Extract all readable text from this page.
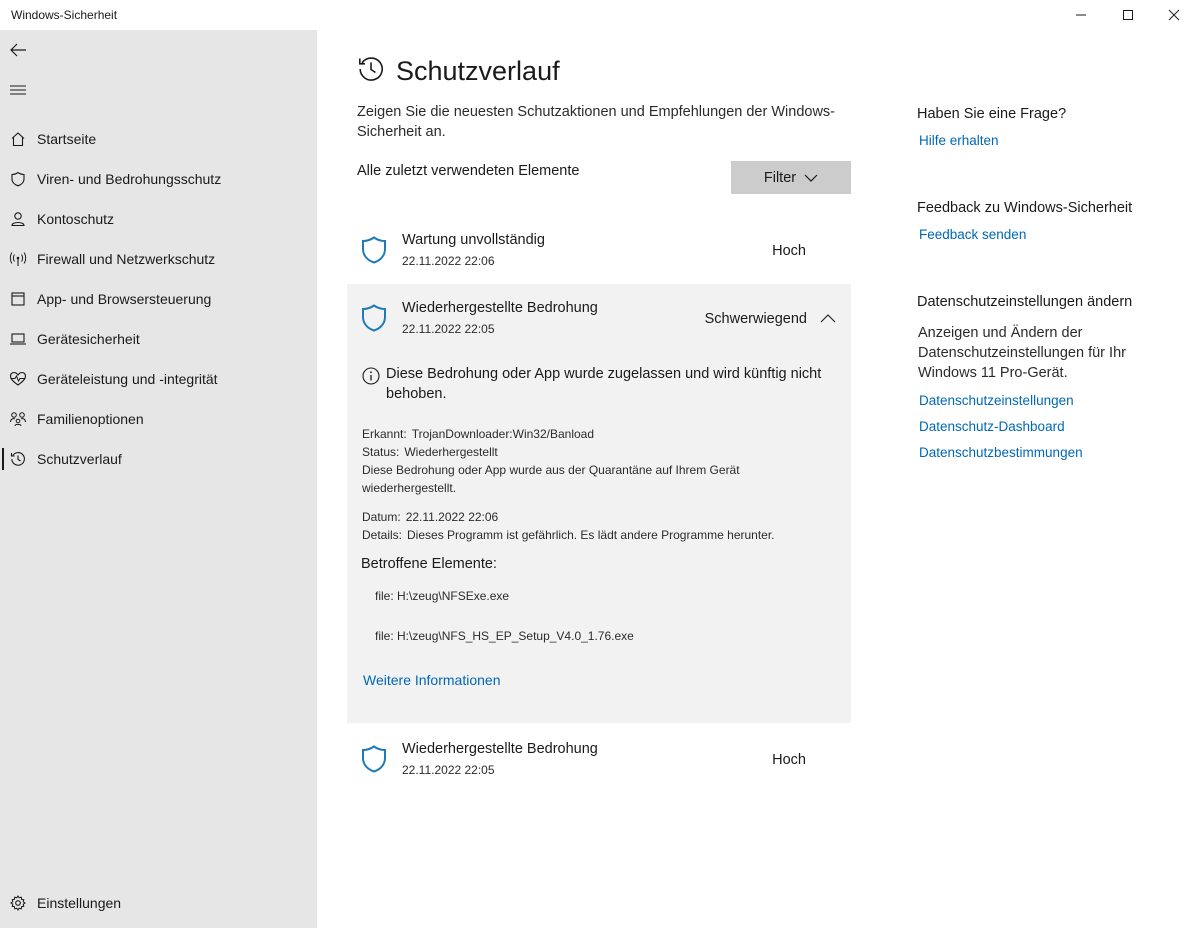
Windows-Sicherheit
Startseite
Viren- und Bedrohungsschutz
Kontoschutz
Firewall und Netzwerkschutz
App- und Browsersteuerung
Gerätesicherheit
Geräteleistung und -integrität
Familienoptionen
Schutzverlauf
Einstellungen
Schutzverlauf

Zeigen Sie die neuesten Schutzaktionen und Empfehlungen der Windows-Sicherheit an.

Alle zuletzt verwendeten Elemente	Filter
Wartung unvollständig
22.11.2022 22:06
Hoch
Wiederhergestellte Bedrohung
22.11.2022 22:05
Schwerwiegend
Diese Bedrohung oder App wurde zugelassen und wird künftig nicht behoben.
Erkannt: TrojanDownloader:Win32/Banload
Status: Wiederhergestellt
Diese Bedrohung oder App wurde aus der Quarantäne auf Ihrem Gerät wiederhergestellt.
Datum: 22.11.2022 22:06
Details: Dieses Programm ist gefährlich. Es lädt andere Programme herunter.
Betroffene Elemente:
file: H:\zeug\NFSExe.exe
file: H:\zeug\NFS_HS_EP_Setup_V4.0_1.76.exe
Weitere Informationen
Wiederhergestellte Bedrohung
22.11.2022 22:05
Hoch
Haben Sie eine Frage?
Hilfe erhalten
Feedback zu Windows-Sicherheit
Feedback senden
Datenschutzeinstellungen ändern

Anzeigen und Ändern der Datenschutzeinstellungen für Ihr Windows 11 Pro-Gerät.

Datenschutzeinstellungen
Datenschutz-Dashboard
Datenschutzbestimmungen
